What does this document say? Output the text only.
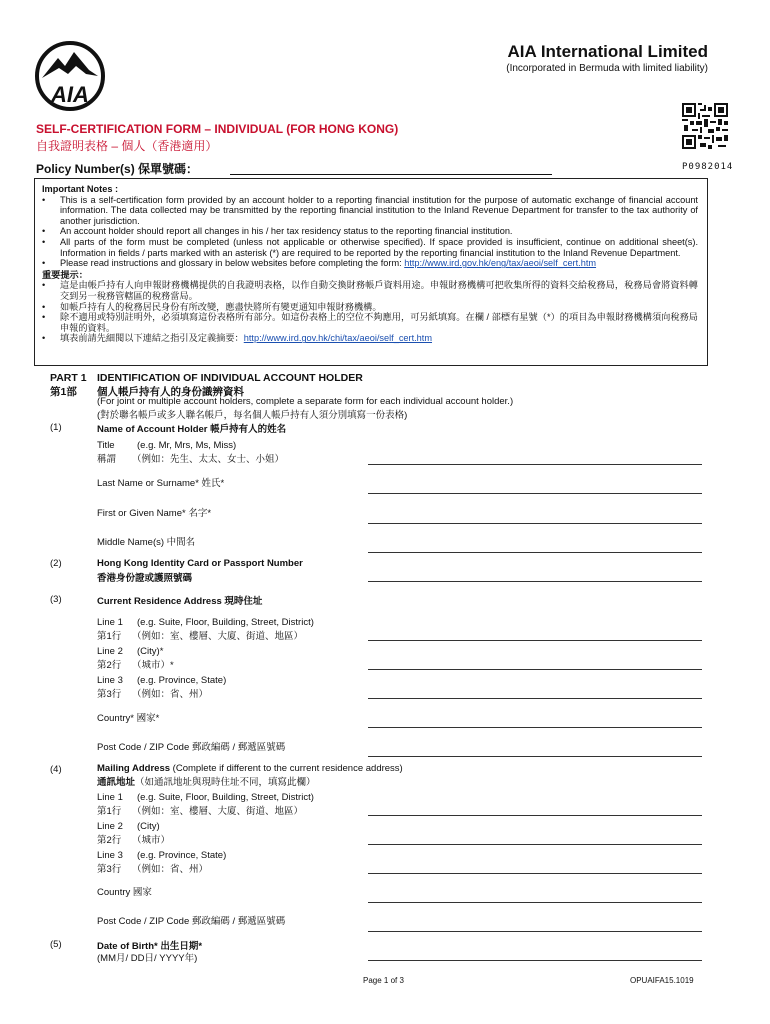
AIA
AIA International Limited
(Incorporated in Bermuda with limited liability)
SELF-CERTIFICATION FORM – INDIVIDUAL (FOR HONG KONG)
自我證明表格 – 個人（香港適用）
Policy Number(s) 保單號碼：	P0982014
Important Notes :
•	This is a self-certification form provided by an account holder to a reporting financial institution for the purpose of automatic exchange of financial account information. The data collected may be transmitted by the reporting financial institution to the Inland Revenue Department for transfer to the tax authority of another jurisdiction.
•	An account holder should report all changes in his / her tax residency status to the reporting financial institution.
•	All parts of the form must be completed (unless not applicable or otherwise specified). If space provided is insufficient, continue on additional sheet(s). Information in fields / parts marked with an asterisk (*) are required to be reported by the reporting financial institution to the Inland Revenue Department.
•	Please read instructions and glossary in below websites before completing the form: http://www.ird.gov.hk/eng/tax/aeoi/self_cert.htm
重要提示：
•	這是由帳戶持有人向申報財務機構提供的自我證明表格，以作自動交換財務帳戶資料用途。申報財務機構可把收集所得的資料交給稅務局，稅務局會將資料轉交到另一稅務管轄區的稅務當局。
•	如帳戶持有人的稅務居民身份有所改變，應盡快將所有變更通知申報財務機構。
•	除不適用或特別註明外，必須填寫這份表格所有部分。如這份表格上的空位不夠應用，可另紙填寫。在欄 / 部標有星號（*）的項目為申報財務機構須向稅務局申報的資料。
•	填表前請先細閱以下連結之指引及定義摘要：http://www.ird.gov.hk/chi/tax/aeoi/self_cert.htm
PART 1
第1部
IDENTIFICATION OF INDIVIDUAL ACCOUNT HOLDER
個人帳戶持有人的身份識辨資料
(For joint or multiple account holders, complete a separate form for each individual account holder.)
(對於聯名帳戶或多人聯名帳戶，每名個人帳戶持有人須分別填寫一份表格)
(1)	Name of Account Holder 帳戶持有人的姓名
Title (e.g. Mr, Mrs, Ms, Miss)
稱謂 （例如：先生、太太、女士、小姐）
Last Name or Surname* 姓氏*
First or Given Name* 名字*
Middle Name(s) 中間名
(2)	Hong Kong Identity Card or Passport Number
香港身份證或護照號碼
(3)	Current Residence Address 現時住址
Line 1 (e.g. Suite, Floor, Building, Street, District)
第1行 （例如：室、樓層、大廈、街道、地區）
Line 2 (City)*
第2行 （城市）*
Line 3 (e.g. Province, State)
第3行 （例如：省、州）
Country* 國家*
Post Code / ZIP Code 郵政編碼 / 郵遞區號碼
(4)	Mailing Address (Complete if different to the current residence address)
通訊地址（如通訊地址與現時住址不同，填寫此欄）
Line 1 (e.g. Suite, Floor, Building, Street, District)
第1行 （例如：室、樓層、大廈、街道、地區）
Line 2 (City)
第2行 （城市）
Line 3 (e.g. Province, State)
第3行 （例如：省、州）
Country 國家
Post Code / ZIP Code 郵政編碼 / 郵遞區號碼
(5)	Date of Birth* 出生日期*
(MM月/ DD日/ YYYY年)
Page 1 of 3	OPUAIFA15.1019
